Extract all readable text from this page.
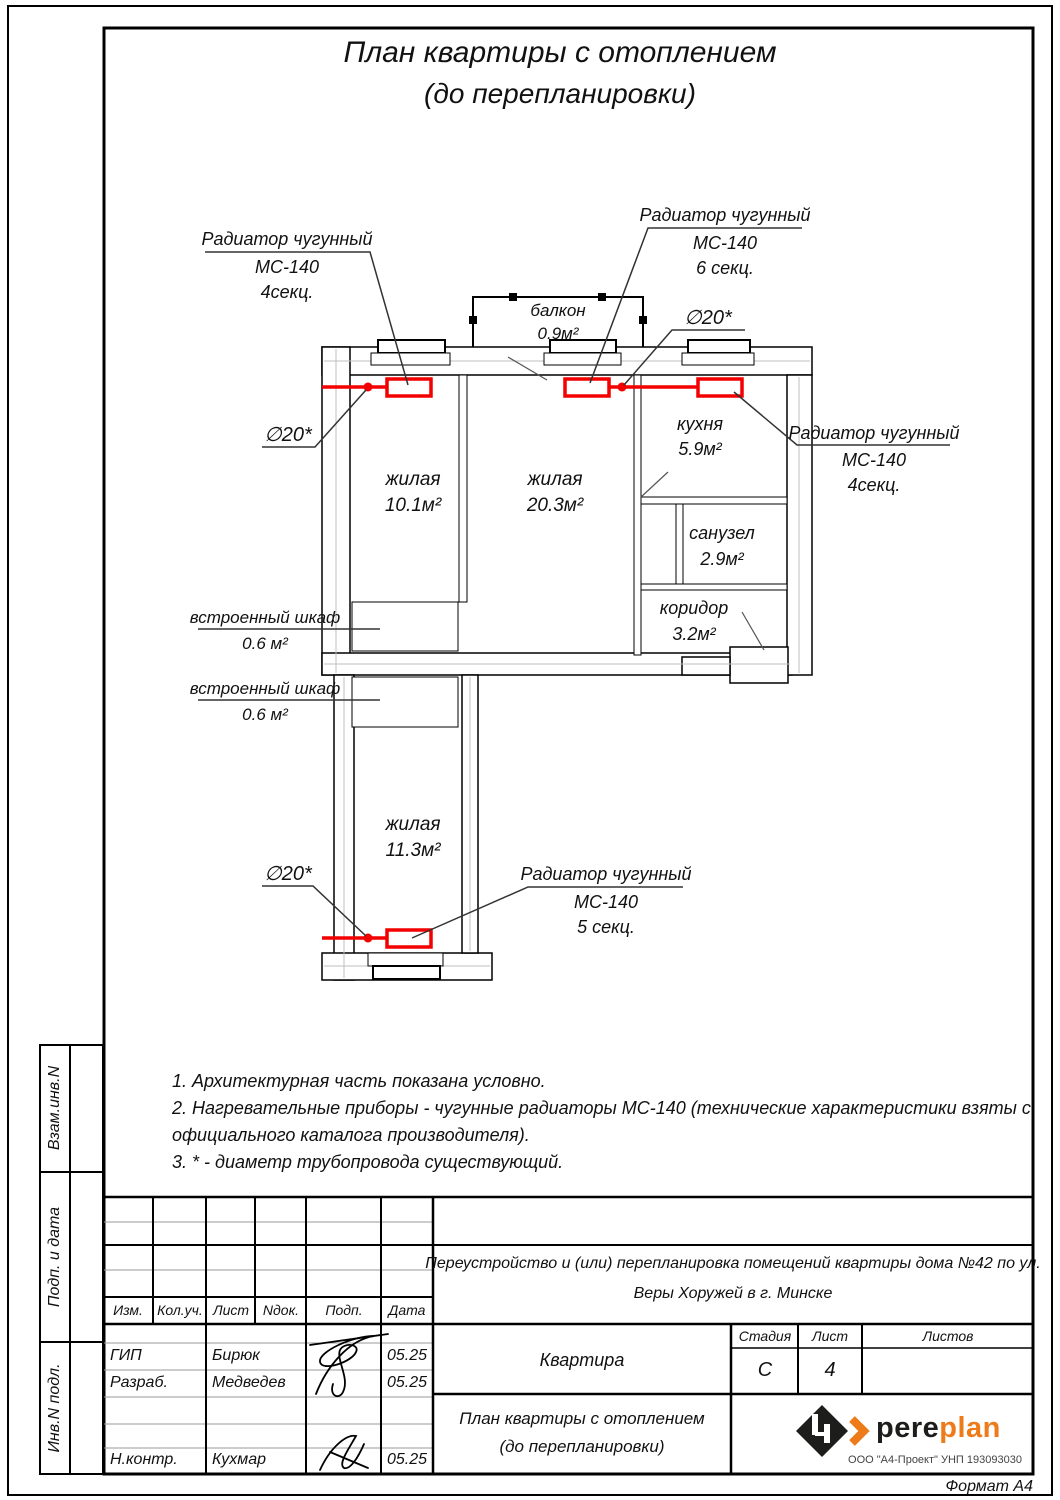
План квартиры с отоплением
(до перепланировки)
Радиатор чугунный
МС-140
4секц.
Радиатор чугунный
МС-140
6 секц.
Радиатор чугунный
МС-140
4секц.
Радиатор чугунный
МС-140
5 секц.
∅20*
∅20*
∅20*
встроенный шкаф
0.6 м²
встроенный шкаф
0.6 м²
балкон
0.9м²
жилая
10.1м²
жилая
20.3м²
кухня
5.9м²
санузел
2.9м²
коридор
3.2м²
жилая
11.3м²
1. Архитектурная часть показана условно.
2. Нагревательные приборы - чугунные радиаторы МС-140 (технические характеристики взяты с
официального каталога производителя).
3. * - диаметр трубопровода существующий.
Взам.инв.N
Подп. и дата
Инв.N подл.
Изм. Кол.уч. Лист Nдок. Подп. Дата
ГИП	Бирюк	05.25
Разраб.	Медведев	05.25
Н.контр. Кухмар	05.25
Переустройство и (или) перепланировка помещений квартиры дома №42 по ул.
Веры Хоружей в г. Минске
Квартира
Стадия Лист	Листов
С	4
План квартиры с отоплением
(до перепланировки)
pereplan
ООО "А4-Проект" УНП 193093030
Формат А4
